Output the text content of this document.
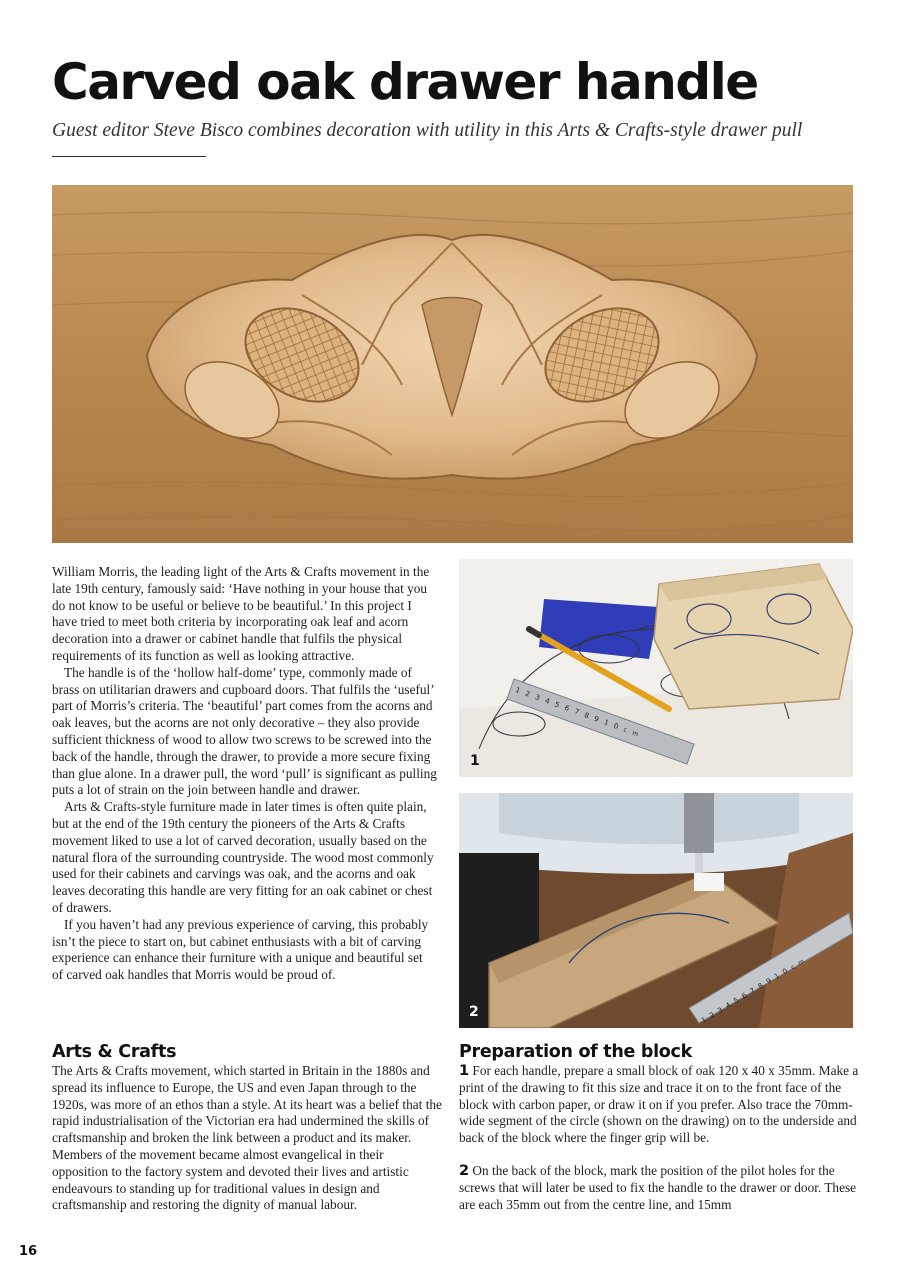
Carved oak drawer handle

Guest editor Steve Bisco combines decoration with utility in this Arts & Crafts-style drawer pull

1
2
12345678910cm
12345678910cm

William Morris, the leading light of the Arts & Crafts movement in the late 19th century, famously said: ‘Have nothing in your house that you do not know to be useful or believe to be beautiful.’ In this project I have tried to meet both criteria by incorporating oak leaf and acorn decoration into a drawer or cabinet handle that fulfils the physical requirements of its function as well as looking attractive.

The handle is of the ‘hollow half-dome’ type, commonly made of brass on utilitarian drawers and cupboard doors. That fulfils the ‘useful’ part of Morris’s criteria. The ‘beautiful’ part comes from the acorns and oak leaves, but the acorns are not only decorative – they also provide sufficient thickness of wood to allow two screws to be screwed into the back of the handle, through the drawer, to provide a more secure fixing than glue alone. In a drawer pull, the word ‘pull’ is significant as pulling puts a lot of strain on the join between handle and drawer.

Arts & Crafts-style furniture made in later times is often quite plain, but at the end of the 19th century the pioneers of the Arts & Crafts movement liked to use a lot of carved decoration, usually based on the natural flora of the surrounding countryside. The wood most commonly used for their cabinets and carvings was oak, and the acorns and oak leaves decorating this handle are very fitting for an oak cabinet or chest of drawers.

If you haven’t had any previous experience of carving, this probably isn’t the piece to start on, but cabinet enthusiasts with a bit of carving experience can enhance their furniture with a unique and beautiful set of carved oak handles that Morris would be proud of.

Arts & Crafts

The Arts & Crafts movement, which started in Britain in the 1880s and spread its influence to Europe, the US and even Japan through to the 1920s, was more of an ethos than a style. At its heart was a belief that the rapid industrialisation of the Victorian era had undermined the skills of craftsmanship and broken the link between a product and its maker. Members of the movement became almost evangelical in their opposition to the factory system and devoted their lives and artistic endeavours to standing up for traditional values in design and craftsmanship and restoring the dignity of manual labour.

Preparation of the block

1 For each handle, prepare a small block of oak 120 x 40 x 35mm. Make a print of the drawing to fit this size and trace it on to the front face of the block with carbon paper, or draw it on if you prefer. Also trace the 70mm-wide segment of the circle (shown on the drawing) on to the underside and back of the block where the finger grip will be.

2 On the back of the block, mark the position of the pilot holes for the screws that will later be used to fix the handle to the drawer or door. These are each 35mm out from the centre line, and 15mm

16
